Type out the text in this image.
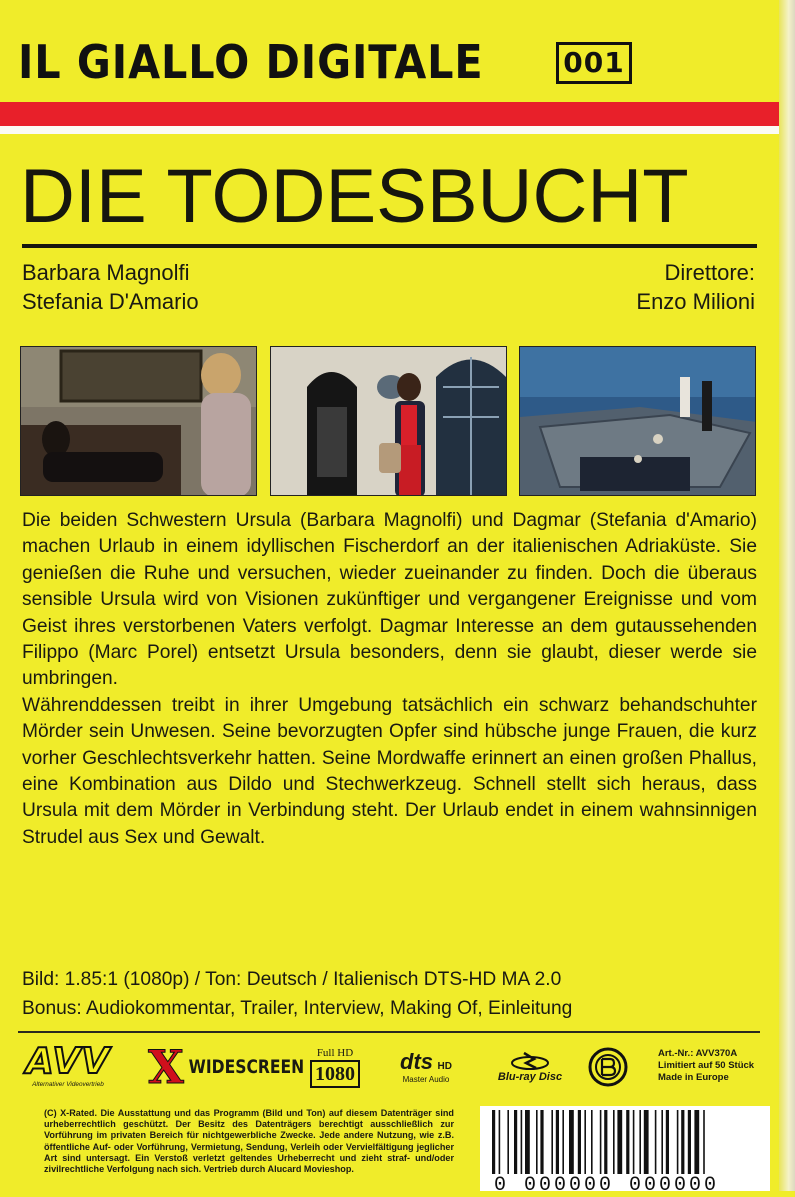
IL GIALLO DIGITALE	001
DIE TODESBUCHT
Barbara Magnolfi
Stefania D'Amario
Direttore:
Enzo Milioni

Die beiden Schwestern Ursula (Barbara Magnolfi) und Dagmar (Stefania d'Amario) machen Urlaub in einem idyllischen Fischerdorf an der italienischen Adriaküste. Sie genießen die Ruhe und versuchen, wieder zueinander zu finden. Doch die überaus sensible Ursula wird von Visionen zukünftiger und vergangener Ereignisse und vom Geist ihres verstorbenen Vaters verfolgt. Dagmar Interesse an dem gutaussehenden Filippo (Marc Porel) entsetzt Ursula besonders, denn sie glaubt, dieser werde sie umbringen.

Währenddessen treibt in ihrer Umgebung tatsächlich ein schwarz behandschuhter Mörder sein Unwesen. Seine bevorzugten Opfer sind hübsche junge Frauen, die kurz vorher Geschlechtsverkehr hatten. Seine Mordwaffe erinnert an einen großen Phallus, eine Kombination aus Dildo und Stechwerkzeug. Schnell stellt sich heraus, dass Ursula mit dem Mörder in Verbindung steht. Der Urlaub endet in einem wahnsinnigen Strudel aus Sex und Gewalt.

Bild: 1.85:1 (1080p) / Ton: Deutsch / Italienisch DTS-HD MA 2.0
Bonus: Audiokommentar, Trailer, Interview, Making Of, Einleitung
AVV
Alternativer Videovertrieb X WIDESCREEN
Full HD
1080 dts HD
Master Audio	Blu-ray Disc
Art.-Nr.: AVV370A
Limitiert auf 50 Stück
Made in Europe

(C) X-Rated. Die Ausstattung und das Programm (Bild und Ton) auf diesem Datenträger sind urheberrechtlich geschützt. Der Besitz des Datenträgers berechtigt ausschließlich zur Vorführung im privaten Bereich für nichtgewerbliche Zwecke. Jede andere Nutzung, wie z.B. öffentliche Auf- oder Vorführung, Vermietung, Sendung, Verleih oder Vervielfältigung jeglicher Art sind untersagt. Ein Verstoß verletzt geltendes Urheberrecht und zieht straf- und/oder zivilrechtliche Verfolgung nach sich. Vertrieb durch Alucard Movieshop.

0 000000 000000
